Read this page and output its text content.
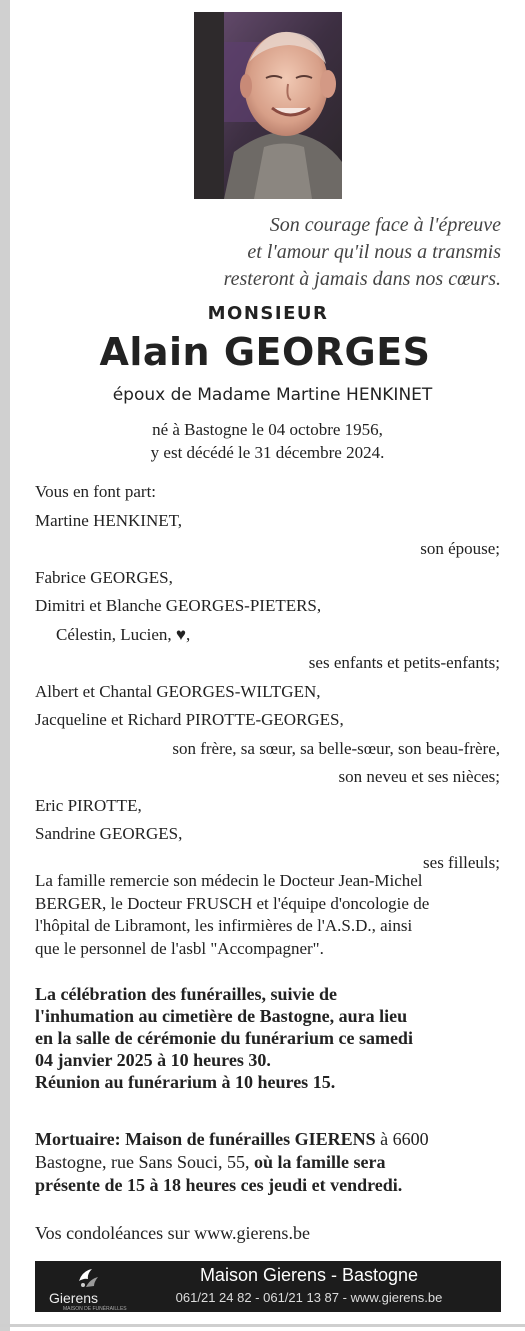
Son courage face à l'épreuve
et l'amour qu'il nous a transmis
resteront à jamais dans nos cœurs.
MONSIEUR
Alain GEORGES
époux de Madame Martine HENKINET
né à Bastogne le 04 octobre 1956,
y est décédé le 31 décembre 2024.
Vous en font part:
Martine HENKINET,
son épouse;
Fabrice GEORGES,
Dimitri et Blanche GEORGES-PIETERS,
Célestin, Lucien, ♥,
ses enfants et petits-enfants;
Albert et Chantal GEORGES-WILTGEN,
Jacqueline et Richard PIROTTE-GEORGES,
son frère, sa sœur, sa belle-sœur, son beau-frère,
son neveu et ses nièces;
Eric PIROTTE,
Sandrine GEORGES,
ses filleuls;
La famille remercie son médecin le Docteur Jean-Michel
BERGER, le Docteur FRUSCH et l'équipe d'oncologie de
l'hôpital de Libramont, les infirmières de l'A.S.D., ainsi
que le personnel de l'asbl "Accompagner".
La célébration des funérailles, suivie de
l'inhumation au cimetière de Bastogne, aura lieu
en la salle de cérémonie du funérarium ce samedi
04 janvier 2025 à 10 heures 30.
Réunion au funérarium à 10 heures 15.
Mortuaire: Maison de funérailles GIERENS à 6600
Bastogne, rue Sans Souci, 55, où la famille sera
présente de 15 à 18 heures ces jeudi et vendredi.
Vos condoléances sur www.gierens.be
Gierens
MAISON DE FUNÉRAILLES
Maison Gierens - Bastogne
061/21 24 82 - 061/21 13 87 - www.gierens.be
